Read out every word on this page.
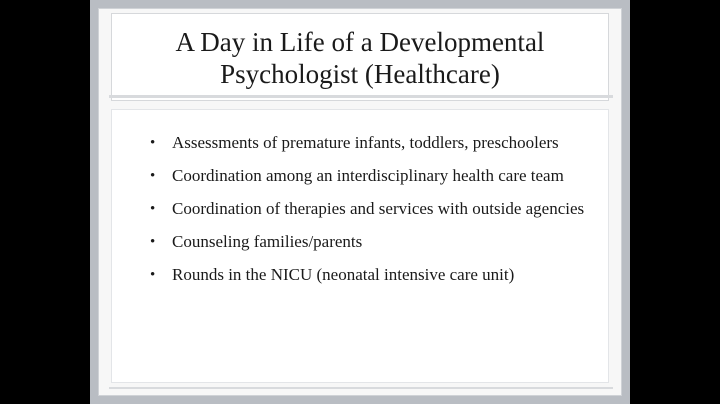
A Day in Life of a Developmental
Psychologist (Healthcare)
• Assessments of premature infants, toddlers, preschoolers
• Coordination among an interdisciplinary health care team
• Coordination of therapies and services with outside agencies
• Counseling families/parents
• Rounds in the NICU (neonatal intensive care unit)
